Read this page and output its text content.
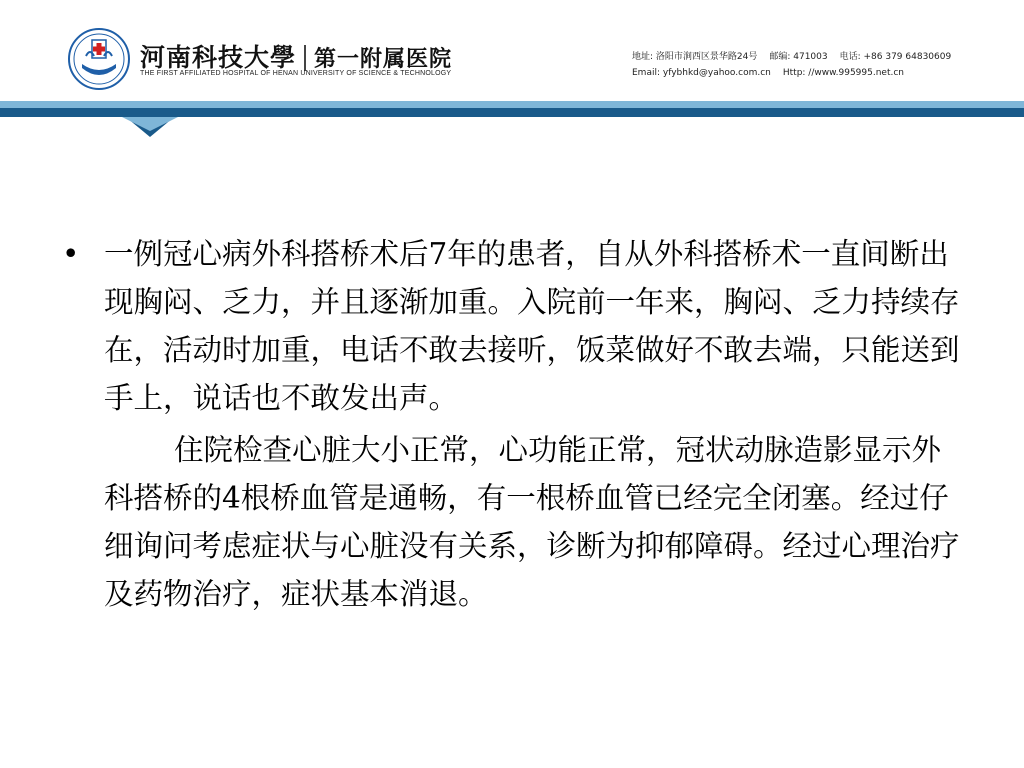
河南科技大學 第一附属医院
THE FIRST AFFILIATED HOSPITAL OF HENAN UNIVERSITY OF SCIENCE & TECHNOLOGY
地址: 洛阳市涧西区景华路24号 邮编: 471003 电话: +86 379 64830609
Email: yfybhkd@yahoo.com.cn Http: //www.995995.net.cn
• 一例冠心病外科搭桥术后7年的患者，自从外科搭桥术一直间断出现胸闷、乏力，并且逐渐加重。入院前一年来，胸闷、乏力持续存在，活动时加重，电话不敢去接听，饭菜做好不敢去端，只能送到手上，说话也不敢发出声。
住院检查心脏大小正常，心功能正常，冠状动脉造影显示外科搭桥的4根桥血管是通畅，有一根桥血管已经完全闭塞。经过仔细询问考虑症状与心脏没有关系，诊断为抑郁障碍。经过心理治疗及药物治疗，症状基本消退。
